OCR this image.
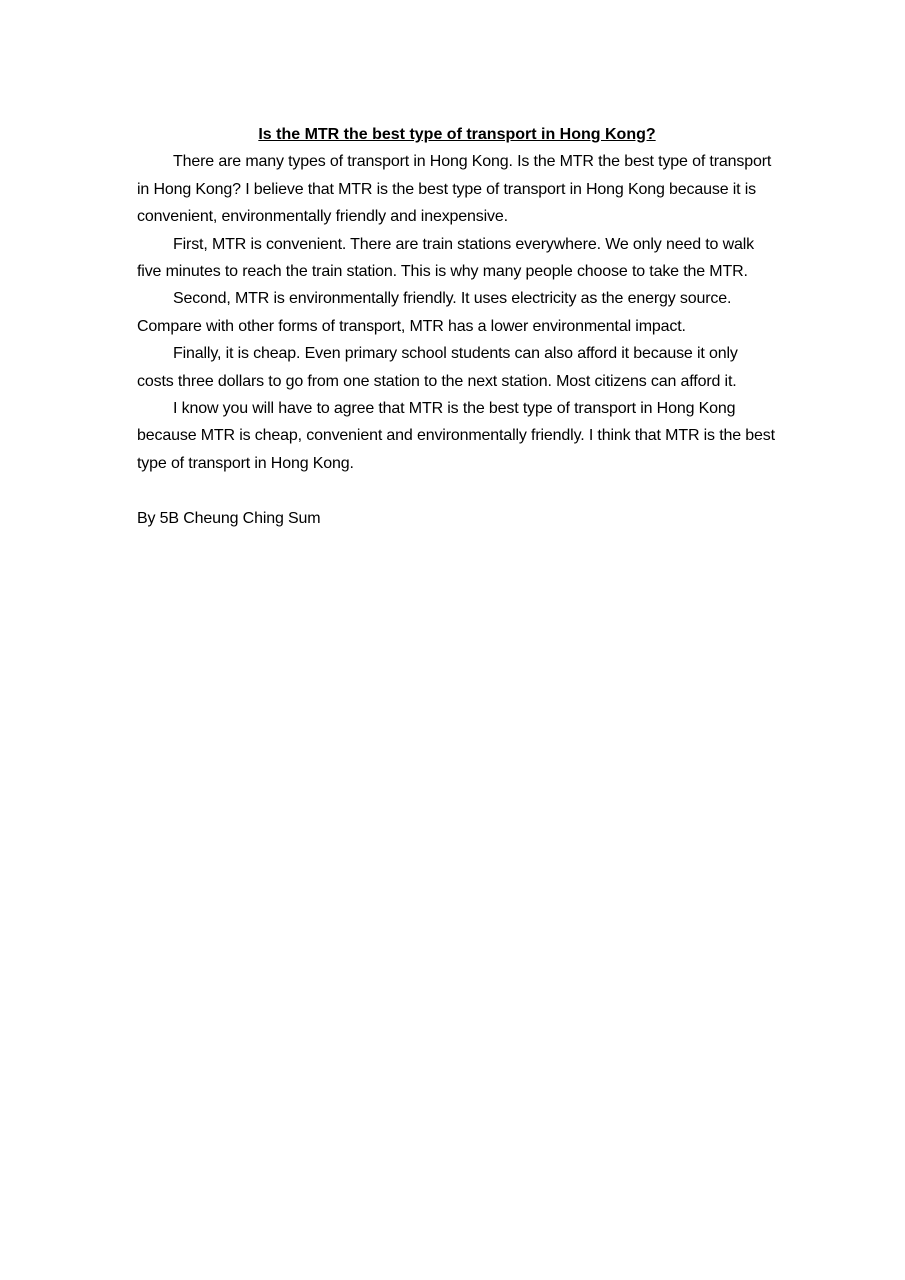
Is the MTR the best type of transport in Hong Kong?

There are many types of transport in Hong Kong. Is the MTR the best type of transport in Hong Kong? I believe that MTR is the best type of transport in Hong Kong because it is convenient, environmentally friendly and inexpensive.

First, MTR is convenient. There are train stations everywhere. We only need to walk five minutes to reach the train station. This is why many people choose to take the MTR.

Second, MTR is environmentally friendly. It uses electricity as the energy source. Compare with other forms of transport, MTR has a lower environmental impact.

Finally, it is cheap. Even primary school students can also afford it because it only costs three dollars to go from one station to the next station. Most citizens can afford it.

I know you will have to agree that MTR is the best type of transport in Hong Kong because MTR is cheap, convenient and environmentally friendly. I think that MTR is the best type of transport in Hong Kong.

By 5B Cheung Ching Sum
